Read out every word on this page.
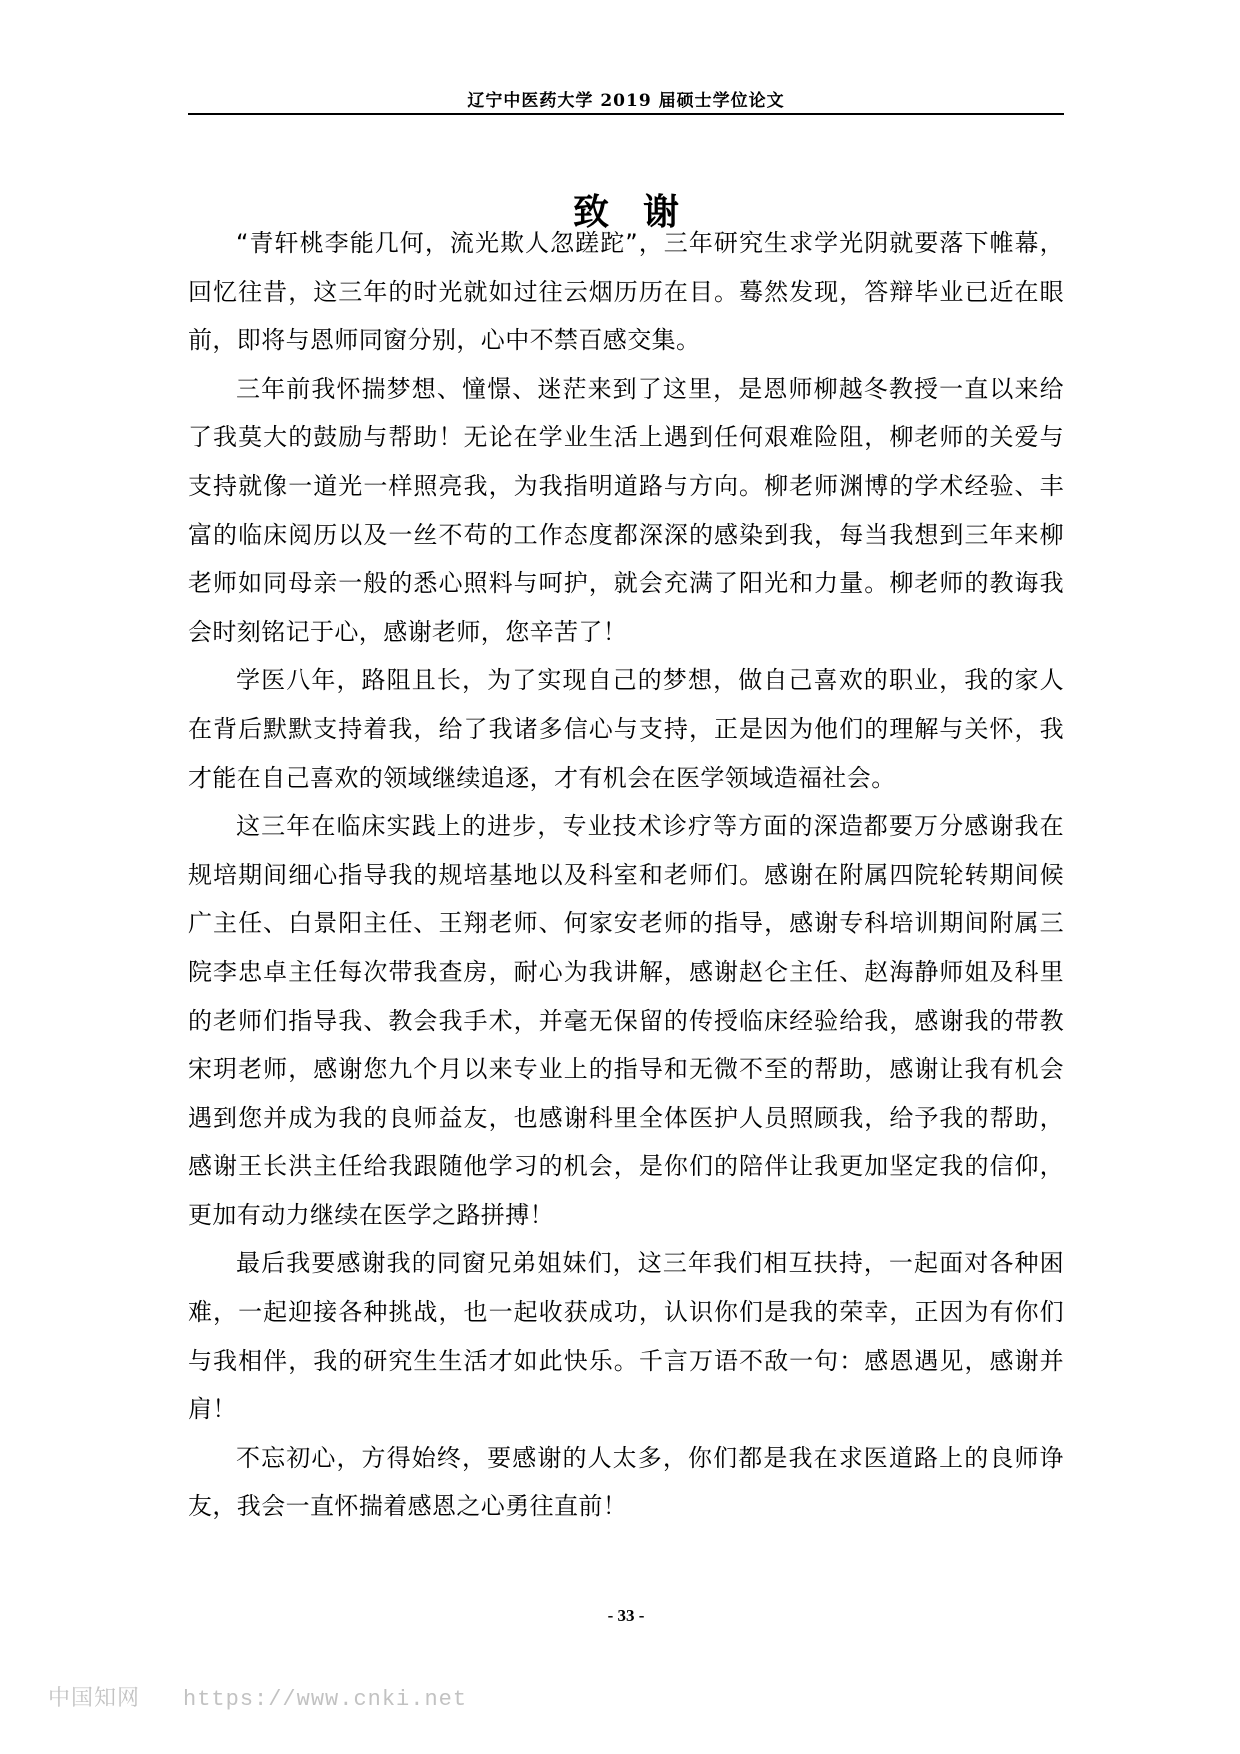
辽宁中医药大学 2019 届硕士学位论文
致谢

“青轩桃李能几何，流光欺人忽蹉跎”，三年研究生求学光阴就要落下帷幕，回忆往昔，这三年的时光就如过往云烟历历在目。蓦然发现，答辩毕业已近在眼前，即将与恩师同窗分别，心中不禁百感交集。

三年前我怀揣梦想、憧憬、迷茫来到了这里，是恩师柳越冬教授一直以来给了我莫大的鼓励与帮助！无论在学业生活上遇到任何艰难险阻，柳老师的关爱与支持就像一道光一样照亮我，为我指明道路与方向。柳老师渊博的学术经验、丰富的临床阅历以及一丝不苟的工作态度都深深的感染到我，每当我想到三年来柳老师如同母亲一般的悉心照料与呵护，就会充满了阳光和力量。柳老师的教诲我会时刻铭记于心，感谢老师，您辛苦了！

学医八年，路阻且长，为了实现自己的梦想，做自己喜欢的职业，我的家人在背后默默支持着我，给了我诸多信心与支持，正是因为他们的理解与关怀，我才能在自己喜欢的领域继续追逐，才有机会在医学领域造福社会。

这三年在临床实践上的进步，专业技术诊疗等方面的深造都要万分感谢我在规培期间细心指导我的规培基地以及科室和老师们。感谢在附属四院轮转期间候广主任、白景阳主任、王翔老师、何家安老师的指导，感谢专科培训期间附属三院李忠卓主任每次带我查房，耐心为我讲解，感谢赵仑主任、赵海静师姐及科里的老师们指导我、教会我手术，并毫无保留的传授临床经验给我，感谢我的带教宋玥老师，感谢您九个月以来专业上的指导和无微不至的帮助，感谢让我有机会遇到您并成为我的良师益友，也感谢科里全体医护人员照顾我，给予我的帮助，感谢王长洪主任给我跟随他学习的机会，是你们的陪伴让我更加坚定我的信仰，更加有动力继续在医学之路拼搏！

最后我要感谢我的同窗兄弟姐妹们，这三年我们相互扶持，一起面对各种困难，一起迎接各种挑战，也一起收获成功，认识你们是我的荣幸，正因为有你们与我相伴，我的研究生生活才如此快乐。千言万语不敌一句：感恩遇见，感谢并肩！

不忘初心，方得始终，要感谢的人太多，你们都是我在求医道路上的良师诤友，我会一直怀揣着感恩之心勇往直前！

- 33 -
中国知网 https://www.cnki.net
